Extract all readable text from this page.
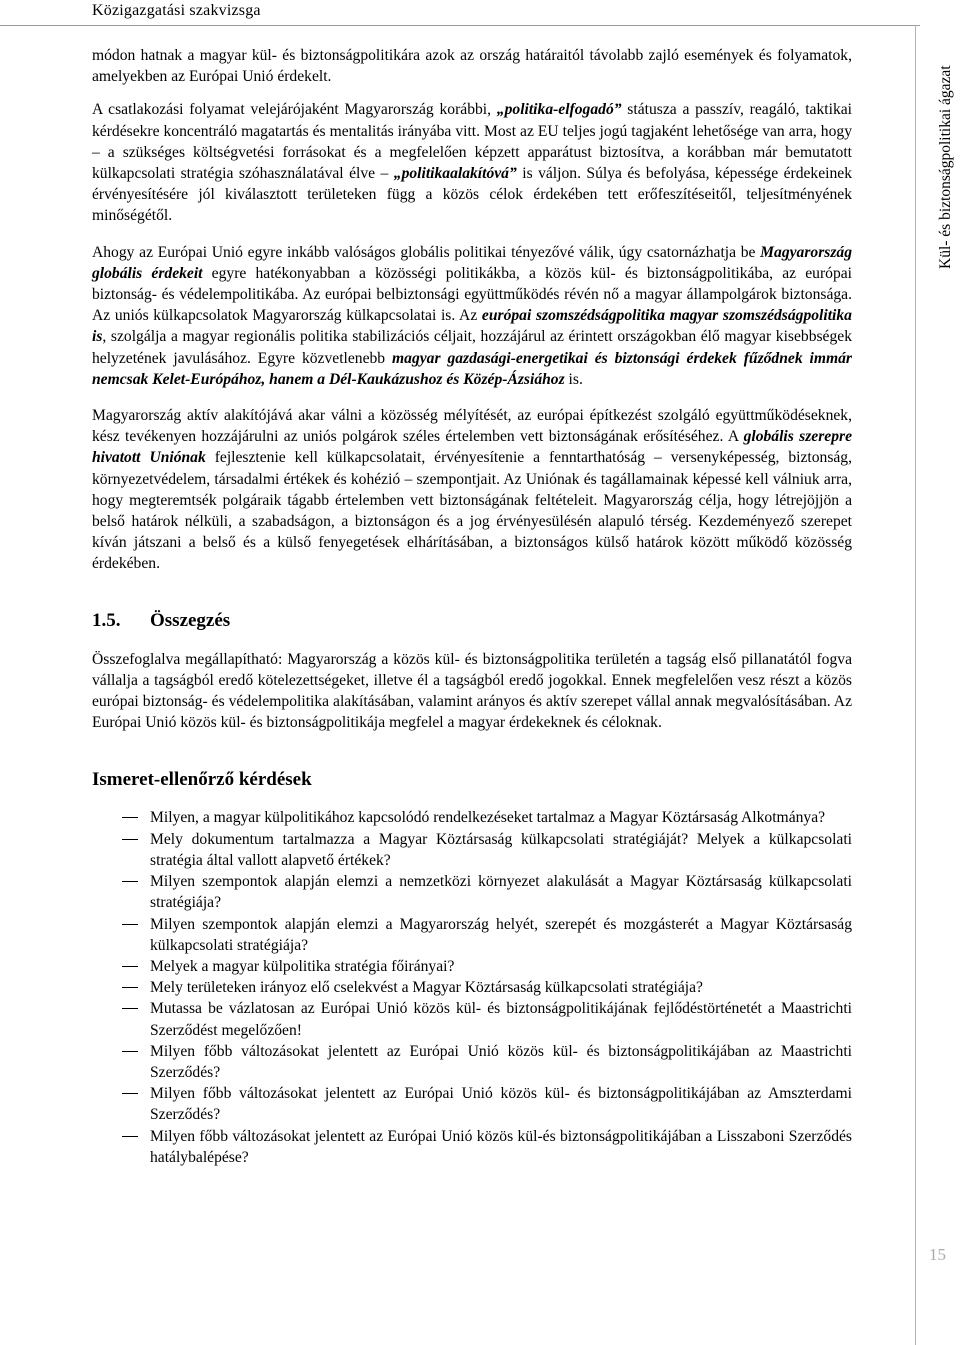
Közigazgatási szakvizsga
Kül- és biztonságpolitikai ágazat
15

módon hatnak a magyar kül- és biztonságpolitikára azok az ország határaitól távolabb zajló események és folyamatok, amelyekben az Európai Unió érdekelt.

A csatlakozási folyamat velejárójaként Magyarország korábbi, „politika-elfogadó” státusza a passzív, reagáló, taktikai kérdésekre koncentráló magatartás és mentalitás irányába vitt. Most az EU teljes jogú tagjaként lehetősége van arra, hogy – a szükséges költségvetési forrásokat és a megfelelően képzett apparátust biztosítva, a korábban már bemutatott külkapcsolati stratégia szóhasználatával élve – „politikaalakítóvá” is váljon. Súlya és befolyása, képessége érdekeinek érvényesítésére jól kiválasztott területeken függ a közös célok érdekében tett erőfeszítéseitől, teljesítményének minőségétől.

Ahogy az Európai Unió egyre inkább valóságos globális politikai tényezővé válik, úgy csatornázhatja be Magyarország globális érdekeit egyre hatékonyabban a közösségi politikákba, a közös kül- és biztonságpolitikába, az európai biztonság- és védelempolitikába. Az európai belbiztonsági együttműködés révén nő a magyar állampolgárok biztonsága. Az uniós külkapcsolatok Magyarország külkapcsolatai is. Az európai szomszédságpolitika magyar szomszédságpolitika is, szolgálja a magyar regionális politika stabilizációs céljait, hozzájárul az érintett országokban élő magyar kisebbségek helyzetének javulásához. Egyre közvetlenebb magyar gazdasági-energetikai és biztonsági érdekek fűződnek immár nemcsak Kelet-Európához, hanem a Dél-Kaukázushoz és Közép-Ázsiához is.

Magyarország aktív alakítójává akar válni a közösség mélyítését, az európai építkezést szolgáló együttműködéseknek, kész tevékenyen hozzájárulni az uniós polgárok széles értelemben vett biztonságának erősítéséhez. A globális szerepre hivatott Uniónak fejlesztenie kell külkapcsolatait, érvényesítenie a fenntarthatóság – versenyképesség, biztonság, környezetvédelem, társadalmi értékek és kohézió – szempontjait. Az Uniónak és tagállamainak képessé kell válniuk arra, hogy megteremtsék polgáraik tágabb értelemben vett biztonságának feltételeit. Magyarország célja, hogy létrejöjjön a belső határok nélküli, a szabadságon, a biztonságon és a jog érvényesülésén alapuló térség. Kezdeményező szerepet kíván játszani a belső és a külső fenyegetések elhárításában, a biztonságos külső határok között működő közösség érdekében.

1.5.	Összegzés

Összefoglalva megállapítható: Magyarország a közös kül- és biztonságpolitika területén a tagság első pillanatától fogva vállalja a tagságból eredő kötelezettségeket, illetve él a tagságból eredő jogokkal. Ennek megfelelően vesz részt a közös európai biztonság- és védelempolitika alakításában, valamint arányos és aktív szerepet vállal annak megvalósításában. Az Európai Unió közös kül- és biztonságpolitikája megfelel a magyar érdekeknek és céloknak.

Ismeret-ellenőrző kérdések
Milyen, a magyar külpolitikához kapcsolódó rendelkezéseket tartalmaz a Magyar Köztársaság Alkotmánya?
Mely dokumentum tartalmazza a Magyar Köztársaság külkapcsolati stratégiáját? Melyek a külkapcsolati stratégia által vallott alapvető értékek?
Milyen szempontok alapján elemzi a nemzetközi környezet alakulását a Magyar Köztársaság külkapcsolati stratégiája?
Milyen szempontok alapján elemzi a Magyarország helyét, szerepét és mozgásterét a Magyar Köztársaság külkapcsolati stratégiája?
Melyek a magyar külpolitika stratégia főirányai?
Mely területeken irányoz elő cselekvést a Magyar Köztársaság külkapcsolati stratégiája?
Mutassa be vázlatosan az Európai Unió közös kül- és biztonságpolitikájának fejlődéstörténetét a Maastrichti Szerződést megelőzően!
Milyen főbb változásokat jelentett az Európai Unió közös kül- és biztonságpolitikájában az Maastrichti Szerződés?
Milyen főbb változásokat jelentett az Európai Unió közös kül- és biztonságpolitikájában az Amszterdami Szerződés?
Milyen főbb változásokat jelentett az Európai Unió közös kül-és biztonságpolitikájában a Lisszaboni Szerződés hatálybalépése?
